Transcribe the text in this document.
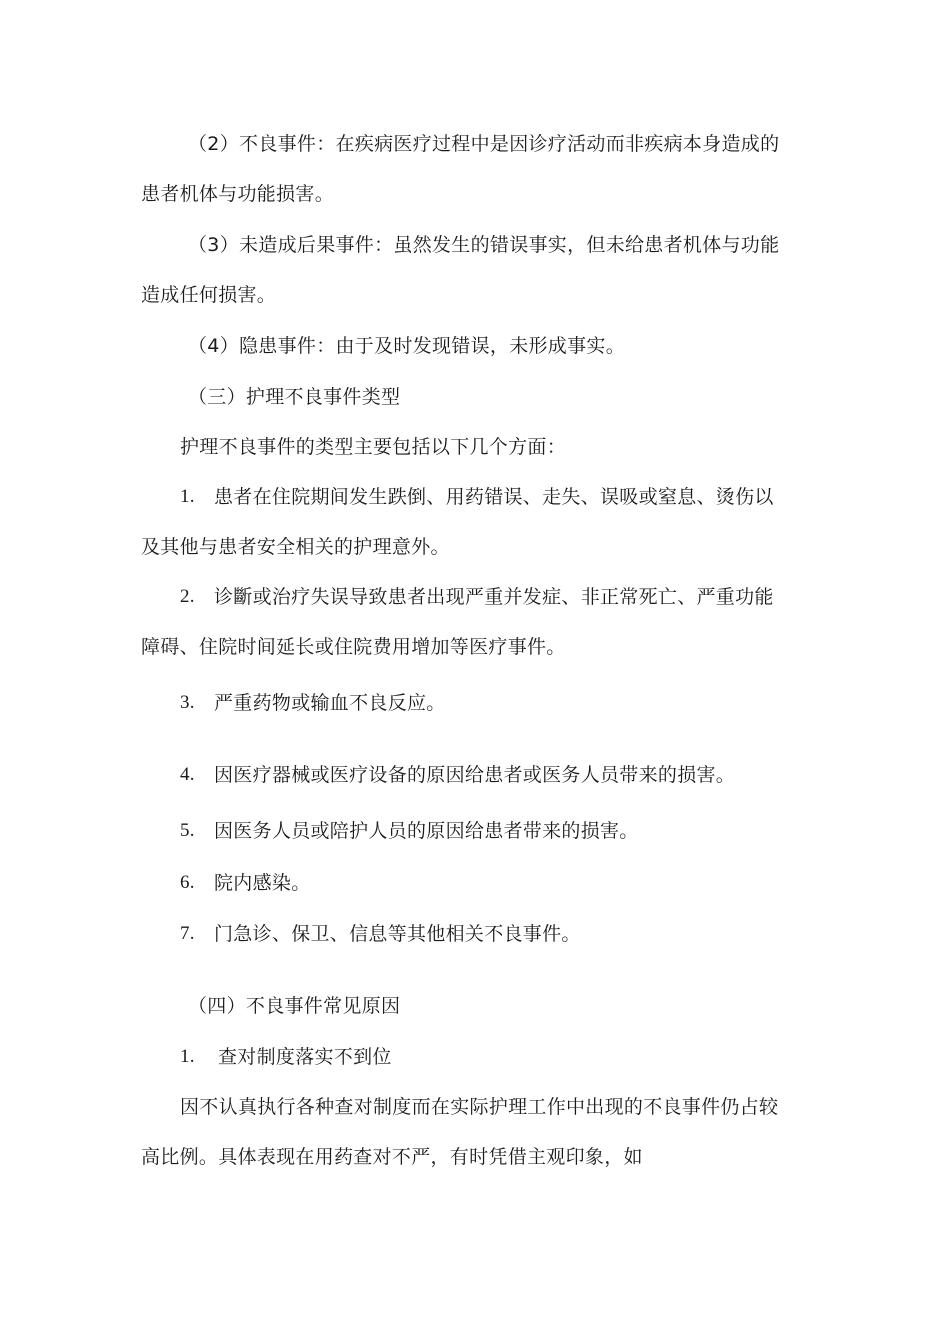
（2）不良事件：在疾病医疗过程中是因诊疗活动而非疾病本身造成的

患者机体与功能损害。

（3）未造成后果事件：虽然发生的错误事实，但未给患者机体与功能

造成任何损害。

（4）隐患事件：由于及时发现错误，未形成事实。

（三）护理不良事件类型

护理不良事件的类型主要包括以下几个方面：

1. 患者在住院期间发生跌倒、用药错误、走失、误吸或窒息、烫伤以

及其他与患者安全相关的护理意外。

2. 诊斷或治疗失误导致患者出现严重并发症、非正常死亡、严重功能

障碍、住院时间延长或住院费用增加等医疗事件。

3. 严重药物或输血不良反应。

4. 因医疗器械或医疗设备的原因给患者或医务人员带来的损害。

5. 因医务人员或陪护人员的原因给患者带来的损害。

6. 院内感染。

7. 门急诊、保卫、信息等其他相关不良事件。

（四）不良事件常见原因

1. 查对制度落实不到位

因不认真执行各种查对制度而在实际护理工作中出现的不良事件仍占较

高比例。具体表现在用药查对不严，有时凭借主观印象，如
